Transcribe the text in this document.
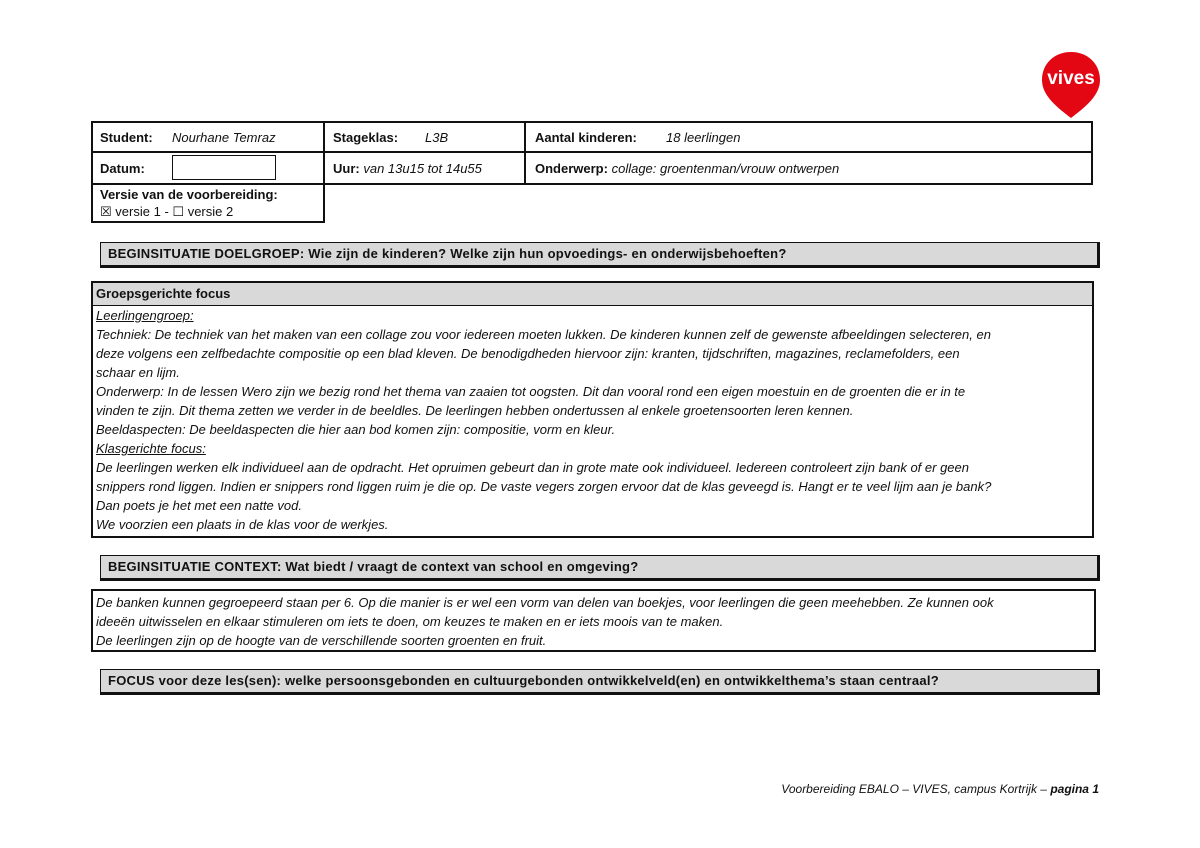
vives
Student: Nourhane Temraz	Stageklas: L3B	Aantal kinderen: 18 leerlingen
Datum:	Uur: van 13u15 tot 14u55	Onderwerp: collage: groentenman/vrouw ontwerpen
Versie van de voorbereiding:
☒ versie 1 - ☐ versie 2
BEGINSITUATIE DOELGROEP: Wie zijn de kinderen? Welke zijn hun opvoedings- en onderwijsbehoeften?
Groepsgerichte focus
Leerlingengroep:
Techniek: De techniek van het maken van een collage zou voor iedereen moeten lukken. De kinderen kunnen zelf de gewenste afbeeldingen selecteren, en
deze volgens een zelfbedachte compositie op een blad kleven. De benodigdheden hiervoor zijn: kranten, tijdschriften, magazines, reclamefolders, een
schaar en lijm.
Onderwerp: In de lessen Wero zijn we bezig rond het thema van zaaien tot oogsten. Dit dan vooral rond een eigen moestuin en de groenten die er in te
vinden te zijn. Dit thema zetten we verder in de beeldles. De leerlingen hebben ondertussen al enkele groetensoorten leren kennen.
Beeldaspecten: De beeldaspecten die hier aan bod komen zijn: compositie, vorm en kleur.
Klasgerichte focus:
De leerlingen werken elk individueel aan de opdracht. Het opruimen gebeurt dan in grote mate ook individueel. Iedereen controleert zijn bank of er geen
snippers rond liggen. Indien er snippers rond liggen ruim je die op. De vaste vegers zorgen ervoor dat de klas geveegd is. Hangt er te veel lijm aan je bank?
Dan poets je het met een natte vod.
We voorzien een plaats in de klas voor de werkjes.
BEGINSITUATIE CONTEXT: Wat biedt / vraagt de context van school en omgeving?
De banken kunnen gegroepeerd staan per 6. Op die manier is er wel een vorm van delen van boekjes, voor leerlingen die geen meehebben. Ze kunnen ook
ideeën uitwisselen en elkaar stimuleren om iets te doen, om keuzes te maken en er iets moois van te maken.
De leerlingen zijn op de hoogte van de verschillende soorten groenten en fruit.
FOCUS voor deze les(sen): welke persoonsgebonden en cultuurgebonden ontwikkelveld(en) en ontwikkelthema’s staan centraal?
Voorbereiding EBALO – VIVES, campus Kortrijk – pagina 1
